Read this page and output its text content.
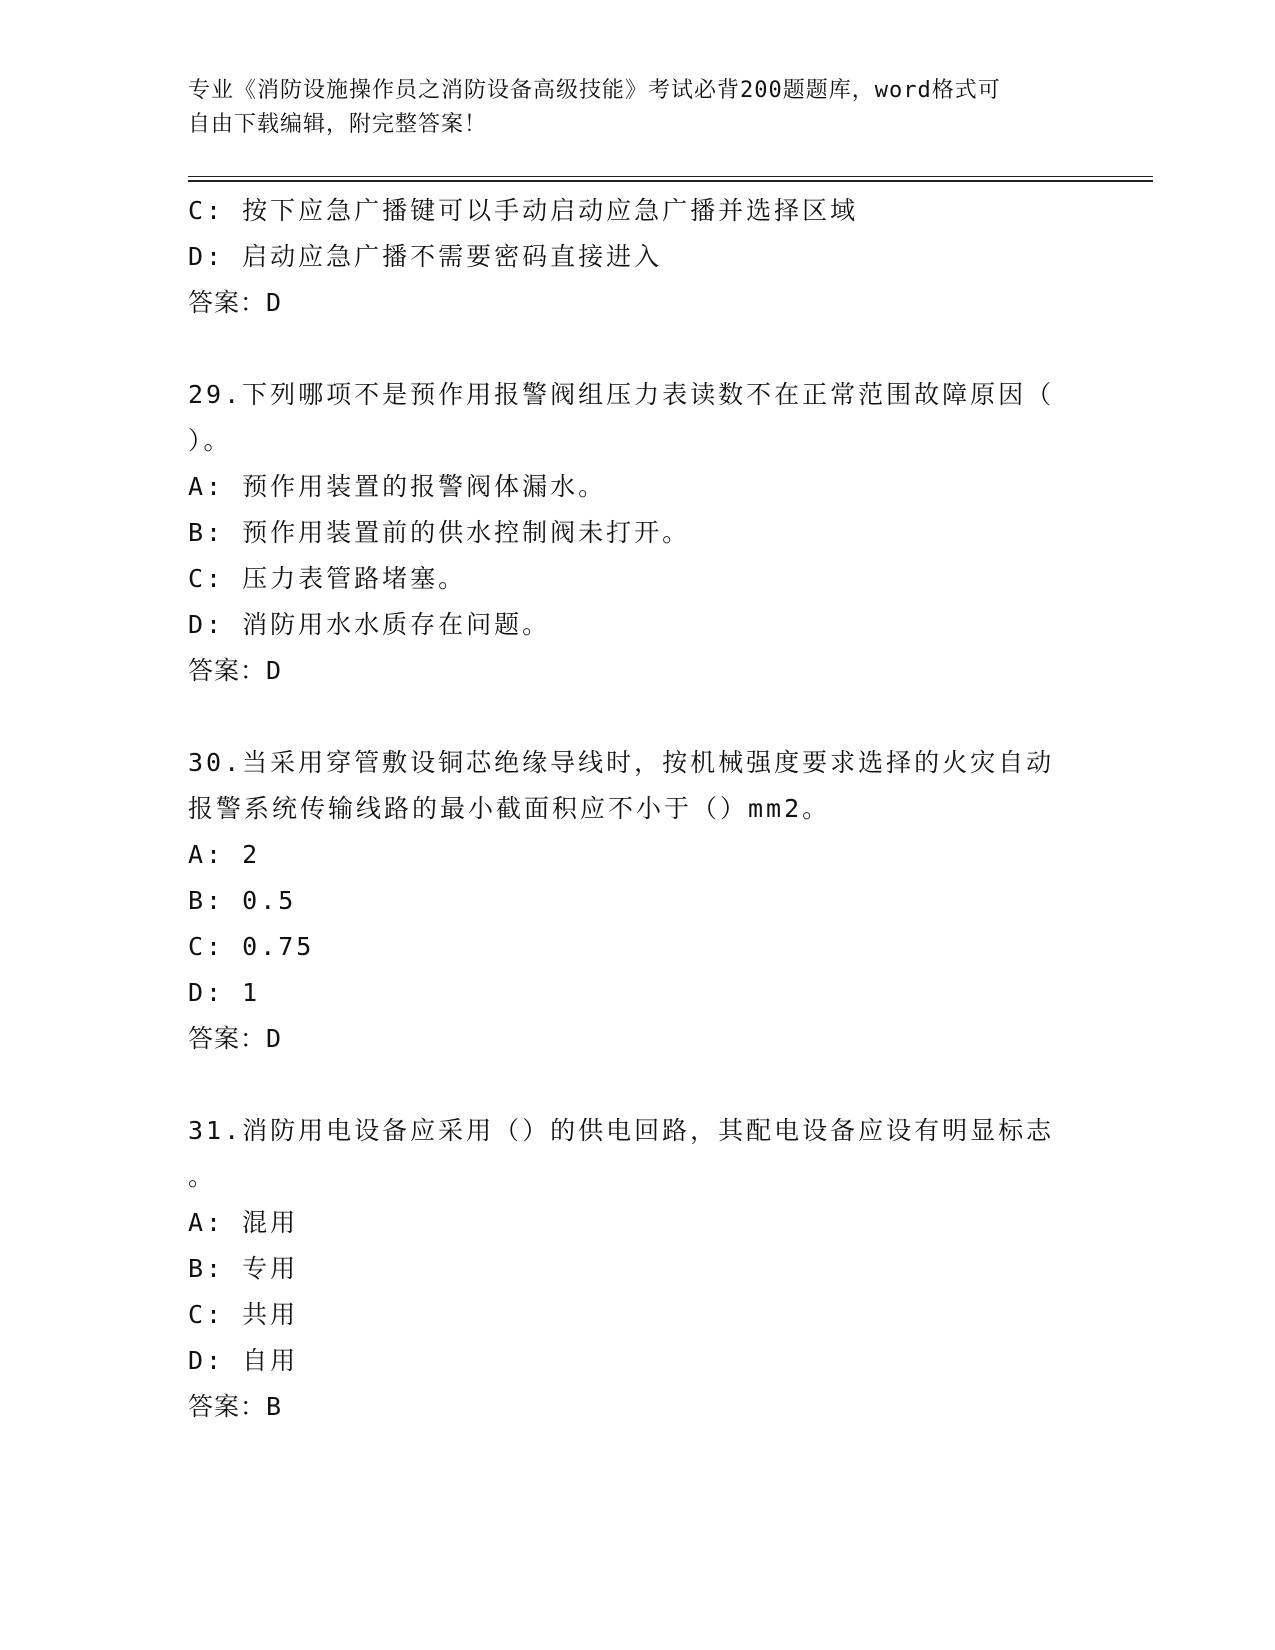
专业《消防设施操作员之消防设备高级技能》考试必背200题题库，word格式可
自由下载编辑，附完整答案！
C: 按下应急广播键可以手动启动应急广播并选择区域
D: 启动应急广播不需要密码直接进入
答案：D
29.下列哪项不是预作用报警阀组压力表读数不在正常范围故障原因（
）。
A: 预作用装置的报警阀体漏水。
B: 预作用装置前的供水控制阀未打开。
C: 压力表管路堵塞。
D: 消防用水水质存在问题。
答案：D
30.当采用穿管敷设铜芯绝缘导线时，按机械强度要求选择的火灾自动
报警系统传输线路的最小截面积应不小于（）mm2。
A: 2
B: 0.5
C: 0.75
D: 1
答案：D
31.消防用电设备应采用（）的供电回路，其配电设备应设有明显标志
。
A: 混用
B: 专用
C: 共用
D: 自用
答案：B
